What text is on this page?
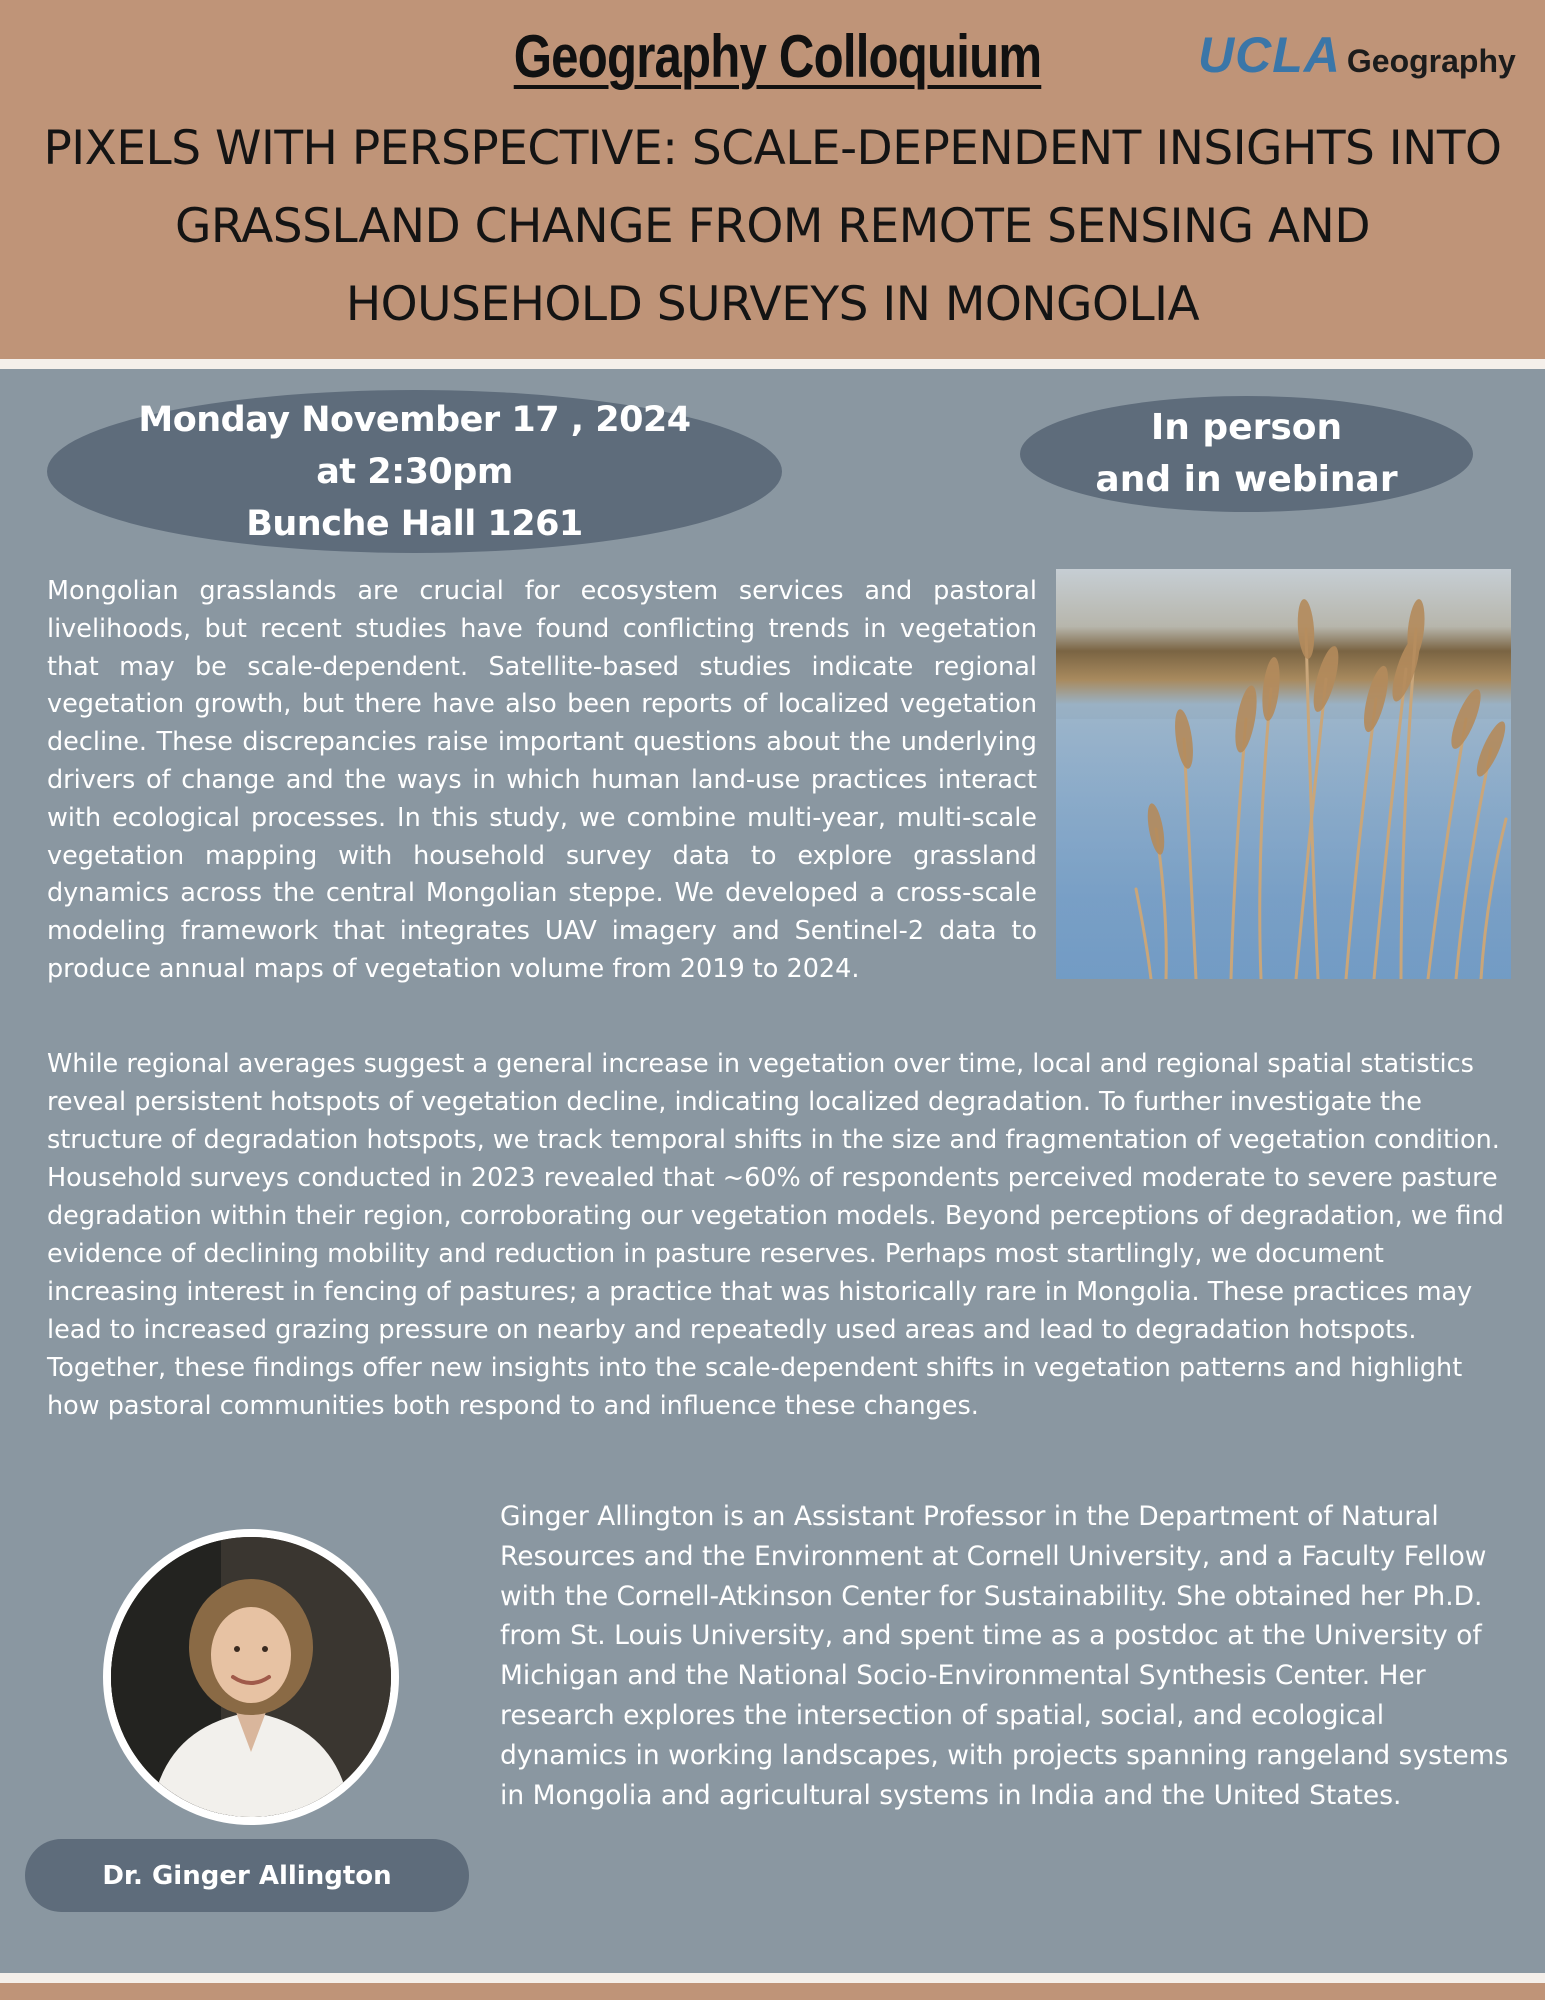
Geography Colloquium	UCLA Geography
PIXELS WITH PERSPECTIVE: SCALE-DEPENDENT INSIGHTS INTO GRASSLAND CHANGE FROM REMOTE SENSING AND HOUSEHOLD SURVEYS IN MONGOLIA
Monday November 17 , 2024
at 2:30pm
Bunche Hall 1261
In person
and in webinar
Mongolian grasslands are crucial for ecosystem services and pastoral livelihoods, but recent studies have found conflicting trends in vegetation that may be scale-dependent. Satellite-based studies indicate regional vegetation growth, but there have also been reports of localized vegetation decline. These discrepancies raise important questions about the underlying drivers of change and the ways in which human land-use practices interact with ecological processes. In this study, we combine multi-year, multi-scale vegetation mapping with household survey data to explore grassland dynamics across the central Mongolian steppe. We developed a cross-scale modeling framework that integrates UAV imagery and Sentinel-2 data to produce annual maps of vegetation volume from 2019 to 2024.
While regional averages suggest a general increase in vegetation over time, local and regional spatial statistics reveal persistent hotspots of vegetation decline, indicating localized degradation. To further investigate the structure of degradation hotspots, we track temporal shifts in the size and fragmentation of vegetation condition. Household surveys conducted in 2023 revealed that ~60% of respondents perceived moderate to severe pasture degradation within their region, corroborating our vegetation models. Beyond perceptions of degradation, we find evidence of declining mobility and reduction in pasture reserves. Perhaps most startlingly, we document increasing interest in fencing of pastures; a practice that was historically rare in Mongolia. These practices may lead to increased grazing pressure on nearby and repeatedly used areas and lead to degradation hotspots. Together, these findings offer new insights into the scale-dependent shifts in vegetation patterns and highlight how pastoral communities both respond to and influence these changes.
Dr. Ginger Allington
Ginger Allington is an Assistant Professor in the Department of Natural Resources and the Environment at Cornell University, and a Faculty Fellow with the Cornell-Atkinson Center for Sustainability. She obtained her Ph.D. from St. Louis University, and spent time as a postdoc at the University of Michigan and the National Socio-Environmental Synthesis Center. Her research explores the intersection of spatial, social, and ecological dynamics in working landscapes, with projects spanning rangeland systems in Mongolia and agricultural systems in India and the United States.
